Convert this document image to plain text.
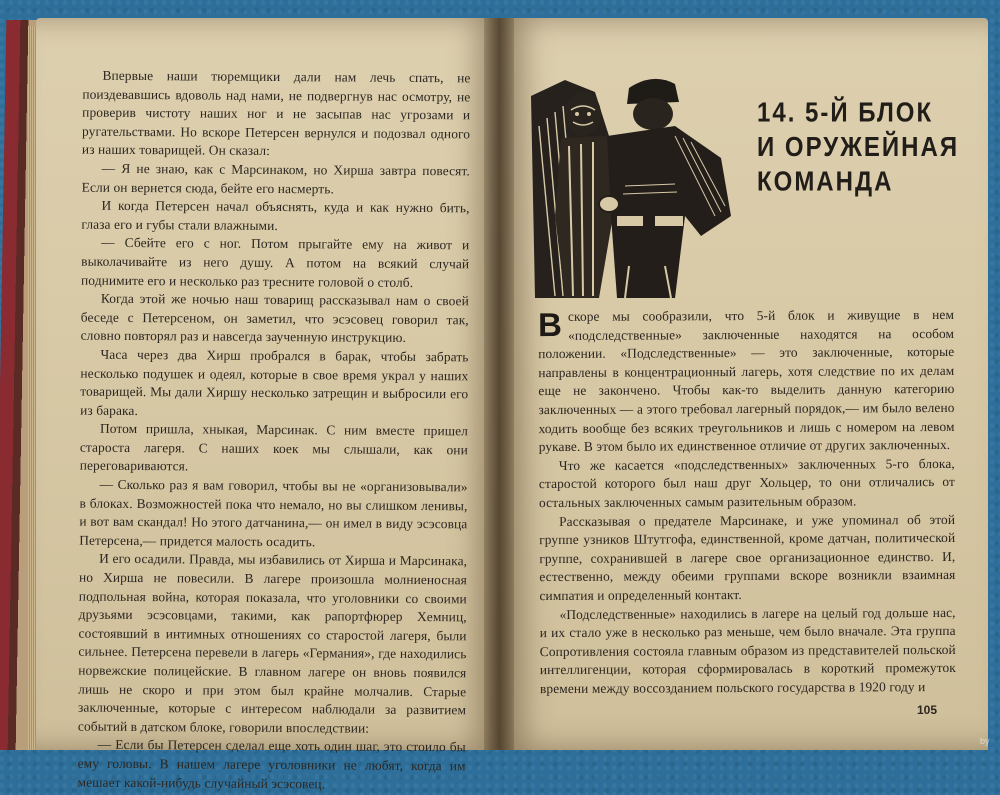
Впервые наши тюремщики дали нам лечь спать, не поиздевавшись вдоволь над нами, не подвергнув нас осмотру, не проверив чистоту наших ног и не засыпав нас угрозами и ругательствами. Но вскоре Петерсен вернулся и подозвал одного из наших товарищей. Он сказал:

— Я не знаю, как с Марсинаком, но Хирша завтра повесят. Если он вернется сюда, бейте его насмерть.

И когда Петерсен начал объяснять, куда и как нужно бить, глаза его и губы стали влажными.

— Сбейте его с ног. Потом прыгайте ему на живот и выколачивайте из него душу. А потом на всякий случай поднимите его и несколько раз тресните головой о столб.

Когда этой же ночью наш товарищ рассказывал нам о своей беседе с Петерсеном, он заметил, что эсэсовец говорил так, словно повторял раз и навсегда заученную инструкцию.

Часа через два Хирш пробрался в барак, чтобы забрать несколько подушек и одеял, которые в свое время украл у наших товарищей. Мы дали Хиршу несколько затрещин и выбросили его из барака.

Потом пришла, хныкая, Марсинак. С ним вместе пришел староста лагеря. С наших коек мы слышали, как они переговариваются.

— Сколько раз я вам говорил, чтобы вы не «организовывали» в блоках. Возможностей пока что немало, но вы слишком ленивы, и вот вам скандал! Но этого датчанина,— он имел в виду эсэсовца Петерсена,— придется малость осадить.

И его осадили. Правда, мы избавились от Хирша и Марсинака, но Хирша не повесили. В лагере произошла молниеносная подпольная война, которая показала, что уголовники со своими друзьями эсэсовцами, такими, как рапортфюрер Хемниц, состоявший в интимных отношениях со старостой лагеря, были сильнее. Петерсена перевели в лагерь «Германия», где находились норвежские полицейские. В главном лагере он вновь появился лишь не скоро и при этом был крайне молчалив. Старые заключенные, которые с интересом наблюдали за развитием событий в датском блоке, говорили впоследствии:

— Если бы Петерсен сделал еще хоть один шаг, это стоило бы ему головы. В нашем лагере уголовники не любят, когда им мешает какой-нибудь случайный эсэсовец.

14. 5-Й БЛОК
И ОРУЖЕЙНАЯ
КОМАНДА

Вскоре мы сообразили, что 5-й блок и живущие в нем «подследственные» заключенные находятся на особом положении. «Подследственные» — это заключенные, которые направлены в концентрационный лагерь, хотя следствие по их делам еще не закончено. Чтобы как-то выделить данную категорию заключенных — а этого требовал лагерный порядок,— им было велено ходить вообще без всяких треугольников и лишь с номером на левом рукаве. В этом было их единственное отличие от других заключенных.

Что же касается «подследственных» заключенных 5-го блока, старостой которого был наш друг Хольцер, то они отличались от остальных заключенных самым разительным образом.

Рассказывая о предателе Марсинаке, и уже упоминал об этой группе узников Штутгофа, единственной, кроме датчан, политической группе, сохранившей в лагере свое организационное единство. И, естественно, между обеими группами вскоре возникли взаимная симпатия и определенный контакт.

«Подследственные» находились в лагере на целый год дольше нас, и их стало уже в несколько раз меньше, чем было вначале. Эта группа Сопротивления состояла главным образом из представителей польской интеллигенции, которая сформировалась в короткий промежуток времени между воссозданием польского государства в 1920 году и

105
by
